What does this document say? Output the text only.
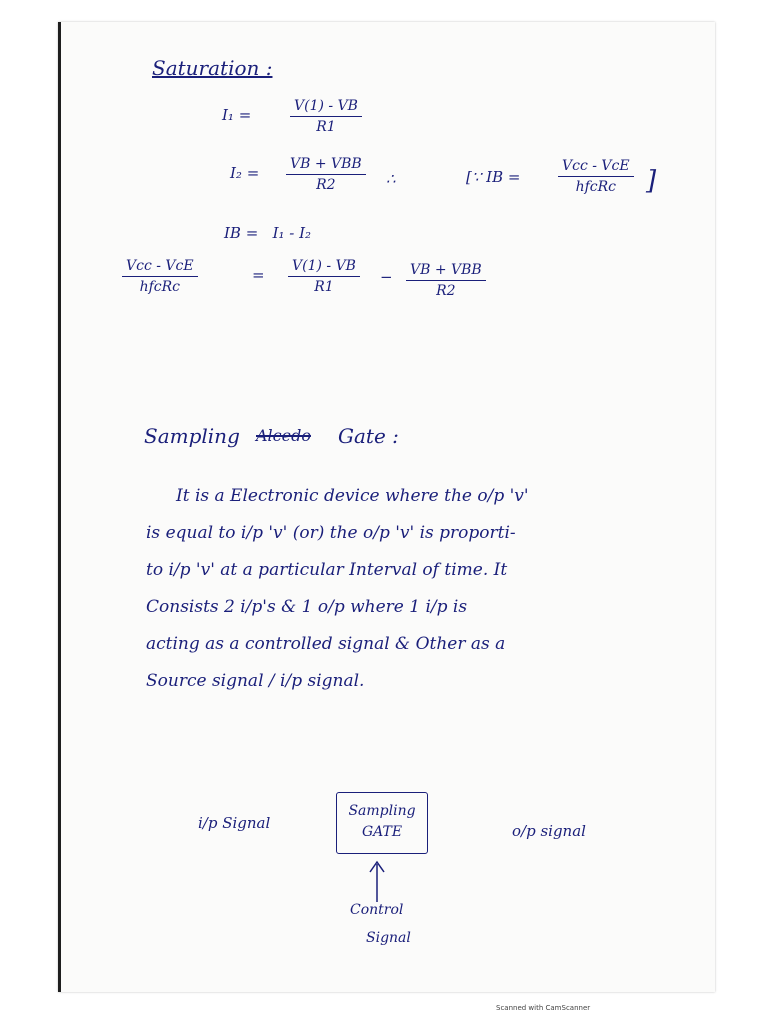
Saturation :
I₁ =	$\frac{V(1) - VB}{R1}$
I₂ = VB + VBB
R2	∴	[∵ IB =
Vcc - VcE
hfcRc	]
IB =   I₁ - I₂
Vcc - VcE
hfcRc
= $\frac{V(1) - VB}{R1}$ − VB + VBB
R2
Sampling Alcedo Gate :

It is a Electronic device where the o/p 'v'

is equal to i/p 'v' (or) the o/p 'v' is proporti-

to i/p 'v' at a particular Interval of time. It

Consists 2 i/p's & 1 o/p where 1 i/p is

acting as a controlled signal & Other as a

Source signal / i/p signal.

i/p Signal
Sampling
GATE	o/p signal
Control
Signal
Scanned with CamScanner
